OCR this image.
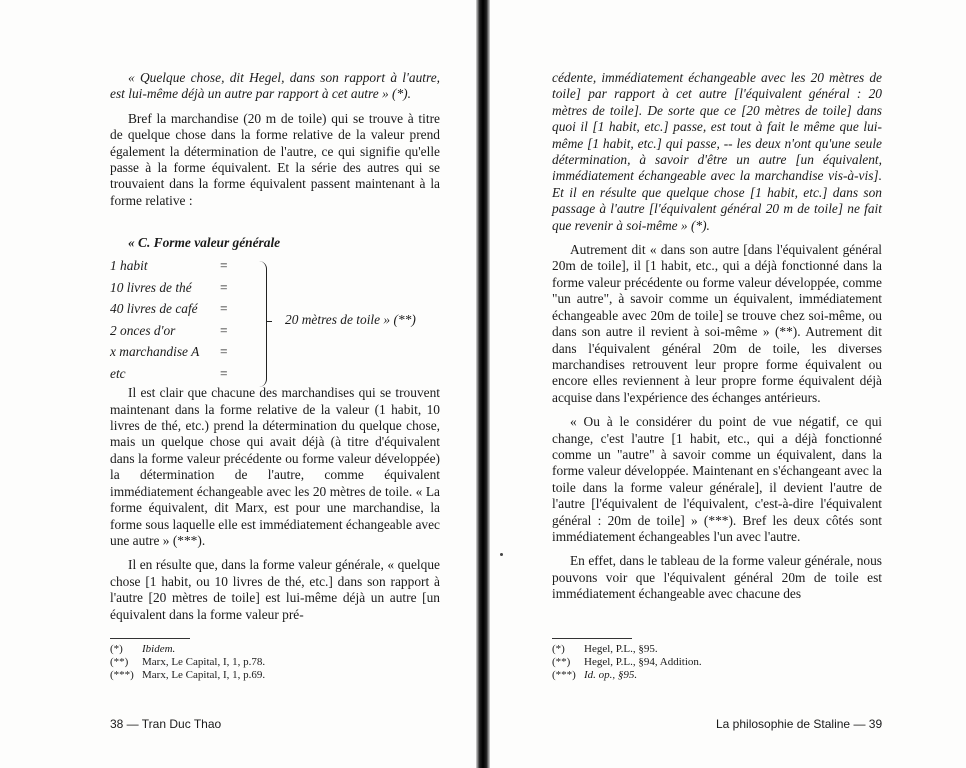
« Quelque chose, dit Hegel, dans son rapport à l'autre, est lui-même déjà un autre par rapport à cet autre » (*).

Bref la marchandise (20 m de toile) qui se trouve à titre de quelque chose dans la forme relative de la valeur prend également la détermination de l'autre, ce qui signifie qu'elle passe à la forme équivalent. Et la série des autres qui se trouvaient dans la forme équivalent passent maintenant à la forme relative :

« C. Forme valeur générale
1 habit	=
10 livres de thé	=
40 livres de café	=
2 onces d'or	=
x marchandise A	=
etc	=
20 mètres de toile » (**)

Il est clair que chacune des marchandises qui se trouvent maintenant dans la forme relative de la valeur (1 habit, 10 livres de thé, etc.) prend la détermination du quelque chose, mais un quelque chose qui avait déjà (à titre d'équivalent dans la forme valeur précédente ou forme valeur développée) la détermination de l'autre, comme équivalent immédiatement échangeable avec les 20 mètres de toile. « La forme équivalent, dit Marx, est pour une marchandise, la forme sous laquelle elle est immédiatement échangeable avec une autre » (***).

Il en résulte que, dans la forme valeur générale, « quelque chose [1 habit, ou 10 livres de thé, etc.] dans son rapport à l'autre [20 mètres de toile] est lui-même déjà un autre [un équivalent dans la forme valeur pré-

(*)	Ibidem.
(**)	Marx, Le Capital, I, 1, p.78.
(***) Marx, Le Capital, I, 1, p.69.
38 — Tran Duc Thao

cédente, immédiatement échangeable avec les 20 mètres de toile] par rapport à cet autre [l'équivalent général : 20 mètres de toile]. De sorte que ce [20 mètres de toile] dans quoi il [1 habit, etc.] passe, est tout à fait le même que lui-même [1 habit, etc.] qui passe, -- les deux n'ont qu'une seule détermination, à savoir d'être un autre [un équivalent, immédiatement échangeable avec la marchandise vis-à-vis]. Et il en résulte que quelque chose [1 habit, etc.] dans son passage à l'autre [l'équivalent général 20 m de toile] ne fait que revenir à soi-même » (*).

Autrement dit « dans son autre [dans l'équivalent général 20m de toile], il [1 habit, etc., qui a déjà fonctionné dans la forme valeur précédente ou forme valeur développée, comme "un autre", à savoir comme un équivalent, immédiatement échangeable avec 20m de toile] se trouve chez soi-même, ou dans son autre il revient à soi-même » (**). Autrement dit dans l'équivalent général 20m de toile, les diverses marchandises retrouvent leur propre forme équivalent ou encore elles reviennent à leur propre forme équivalent déjà acquise dans l'expérience des échanges antérieurs.

« Ou à le considérer du point de vue négatif, ce qui change, c'est l'autre [1 habit, etc., qui a déjà fonctionné comme un "autre" à savoir comme un équivalent, dans la forme valeur développée. Maintenant en s'échangeant avec la toile dans la forme valeur générale], il devient l'autre de l'autre [l'équivalent de l'équivalent, c'est-à-dire l'équivalent général : 20m de toile] » (***). Bref les deux côtés sont immédiatement échangeables l'un avec l'autre.

En effet, dans le tableau de la forme valeur générale, nous pouvons voir que l'équivalent général 20m de toile est immédiatement échangeable avec chacune des

(*)	Hegel, P.L., §95.
(**)	Hegel, P.L., §94, Addition.
(***) Id. op., §95.
La philosophie de Staline — 39
